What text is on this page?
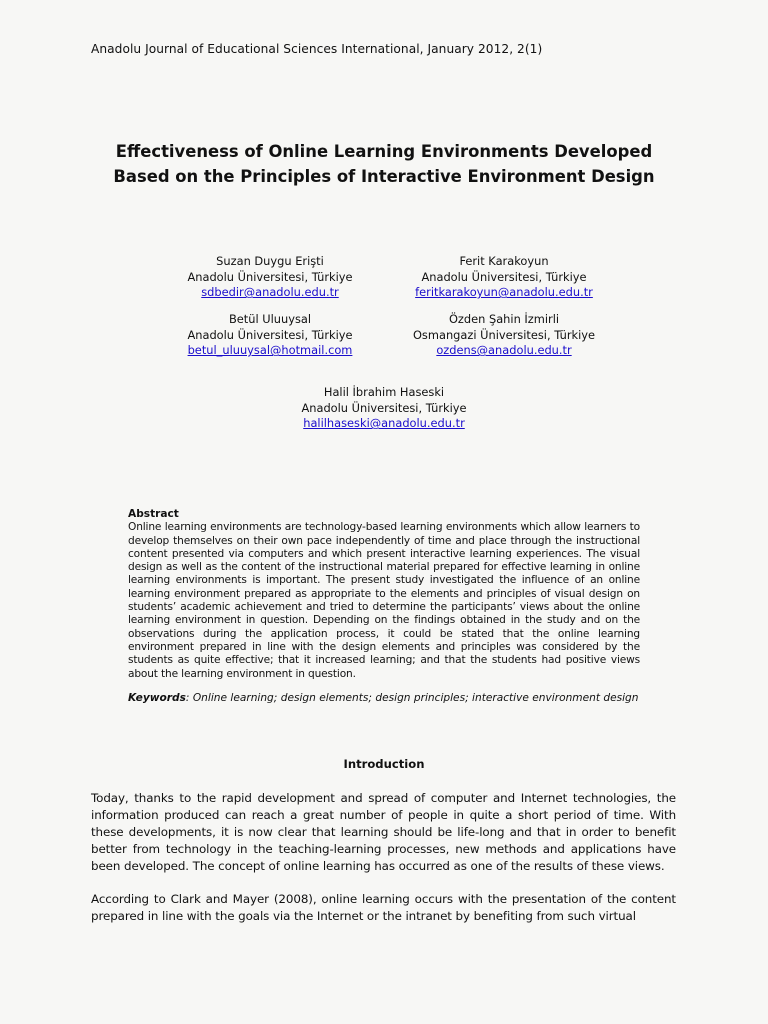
Anadolu Journal of Educational Sciences International, January 2012, 2(1)
Effectiveness of Online Learning Environments Developed
Based on the Principles of Interactive Environment Design
Suzan Duygu Erişti
Anadolu Üniversitesi, Türkiye
sdbedir@anadolu.edu.tr
Ferit Karakoyun
Anadolu Üniversitesi, Türkiye
feritkarakoyun@anadolu.edu.tr
Betül Uluuysal
Anadolu Üniversitesi, Türkiye
betul_uluuysal@hotmail.com
Özden Şahin İzmirli
Osmangazi Üniversitesi, Türkiye
ozdens@anadolu.edu.tr
Halil İbrahim Haseski
Anadolu Üniversitesi, Türkiye
halilhaseski@anadolu.edu.tr
Abstract
Online learning environments are technology-based learning environments which allow learners to develop themselves on their own pace independently of time and place through the instructional content presented via computers and which present interactive learning experiences. The visual design as well as the content of the instructional material prepared for effective learning in online learning environments is important. The present study investigated the influence of an online learning environment prepared as appropriate to the elements and principles of visual design on students’ academic achievement and tried to determine the participants’ views about the online learning environment in question. Depending on the findings obtained in the study and on the observations during the application process, it could be stated that the online learning environment prepared in line with the design elements and principles was considered by the students as quite effective; that it increased learning; and that the students had positive views about the learning environment in question.
Keywords: Online learning; design elements; design principles; interactive environment design
Introduction
Today, thanks to the rapid development and spread of computer and Internet technologies, the information produced can reach a great number of people in quite a short period of time. With these developments, it is now clear that learning should be life-long and that in order to benefit better from technology in the teaching-learning processes, new methods and applications have been developed. The concept of online learning has occurred as one of the results of these views.
According to Clark and Mayer (2008), online learning occurs with the presentation of the content prepared in line with the goals via the Internet or the intranet by benefiting from such virtual
